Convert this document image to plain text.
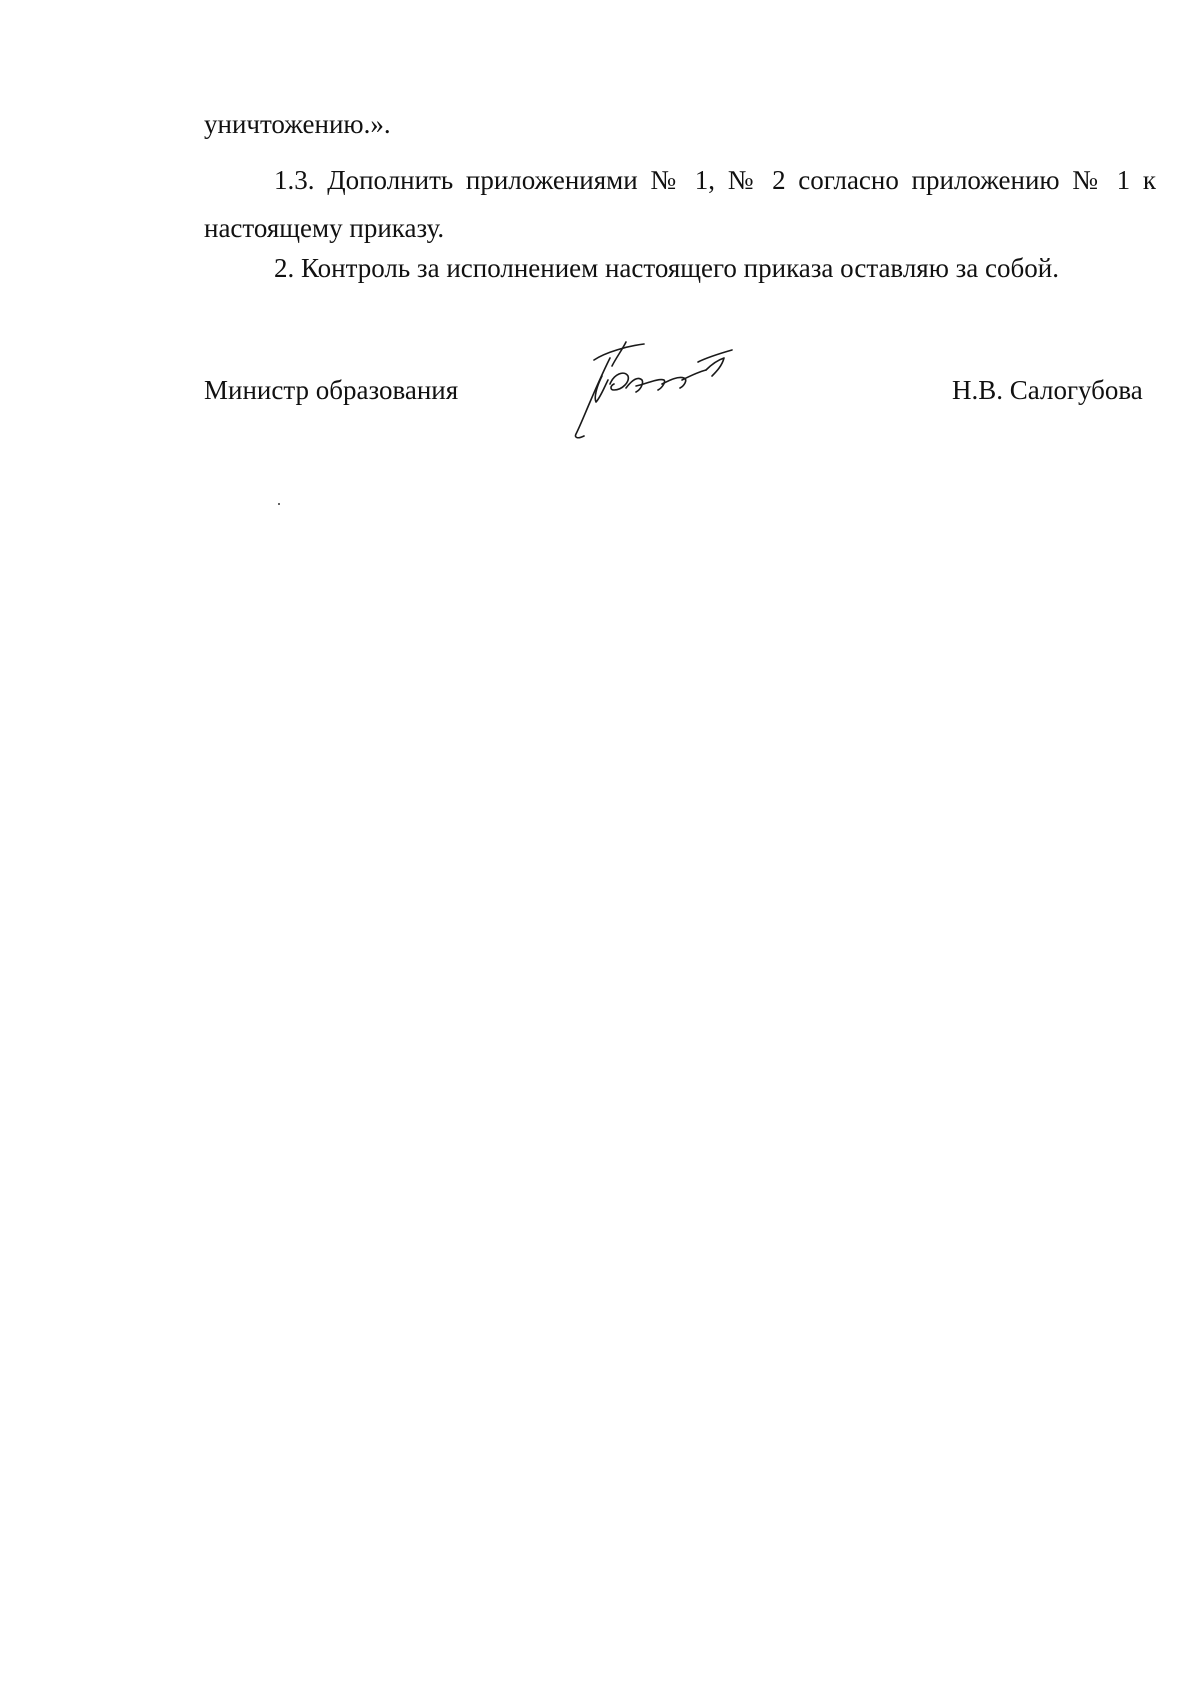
уничтожению.».
1.3. Дополнить приложениями № 1, № 2 согласно приложению № 1 к настоящему приказу.
2. Контроль за исполнением настоящего приказа оставляю за собой.
Министр образования	Н.В. Салогубова
